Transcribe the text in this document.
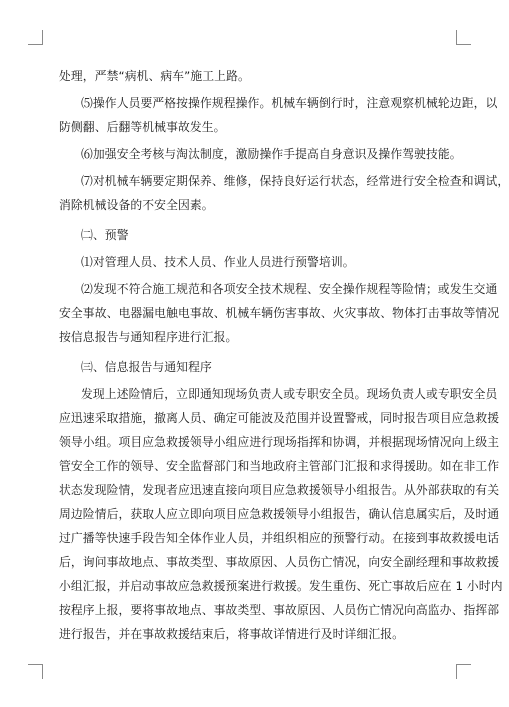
处理，严禁“病机、病车”施工上路。
⑸操作人员要严格按操作规程操作。机械车辆倒行时，注意观察机械轮边距，以
防侧翻、后翻等机械事故发生。
⑹加强安全考核与淘汰制度，激励操作手提高自身意识及操作驾驶技能。
⑺对机械车辆要定期保养、维修，保持良好运行状态，经常进行安全检查和调试，
消除机械设备的不安全因素。
㈡、预警
⑴对管理人员、技术人员、作业人员进行预警培训。
⑵发现不符合施工规范和各项安全技术规程、安全操作规程等险情；或发生交通
安全事故、电器漏电触电事故、机械车辆伤害事故、火灾事故、物体打击事故等情况
按信息报告与通知程序进行汇报。
㈢、信息报告与通知程序
发现上述险情后，立即通知现场负责人或专职安全员。现场负责人或专职安全员
应迅速采取措施，撤离人员、确定可能波及范围并设置警戒，同时报告项目应急救援
领导小组。项目应急救援领导小组应进行现场指挥和协调，并根据现场情况向上级主
管安全工作的领导、安全监督部门和当地政府主管部门汇报和求得援助。如在非工作
状态发现险情，发现者应迅速直接向项目应急救援领导小组报告。从外部获取的有关
周边险情后，获取人应立即向项目应急救援领导小组报告，确认信息属实后，及时通
过广播等快速手段告知全体作业人员，并组织相应的预警行动。在接到事故救援电话
后，询问事故地点、事故类型、事故原因、人员伤亡情况，向安全副经理和事故救援
小组汇报，并启动事故应急救援预案进行救援。发生重伤、死亡事故后应在 1 小时内
按程序上报，要将事故地点、事故类型、事故原因、人员伤亡情况向高监办、指挥部
进行报告，并在事故救援结束后，将事故详情进行及时详细汇报。
